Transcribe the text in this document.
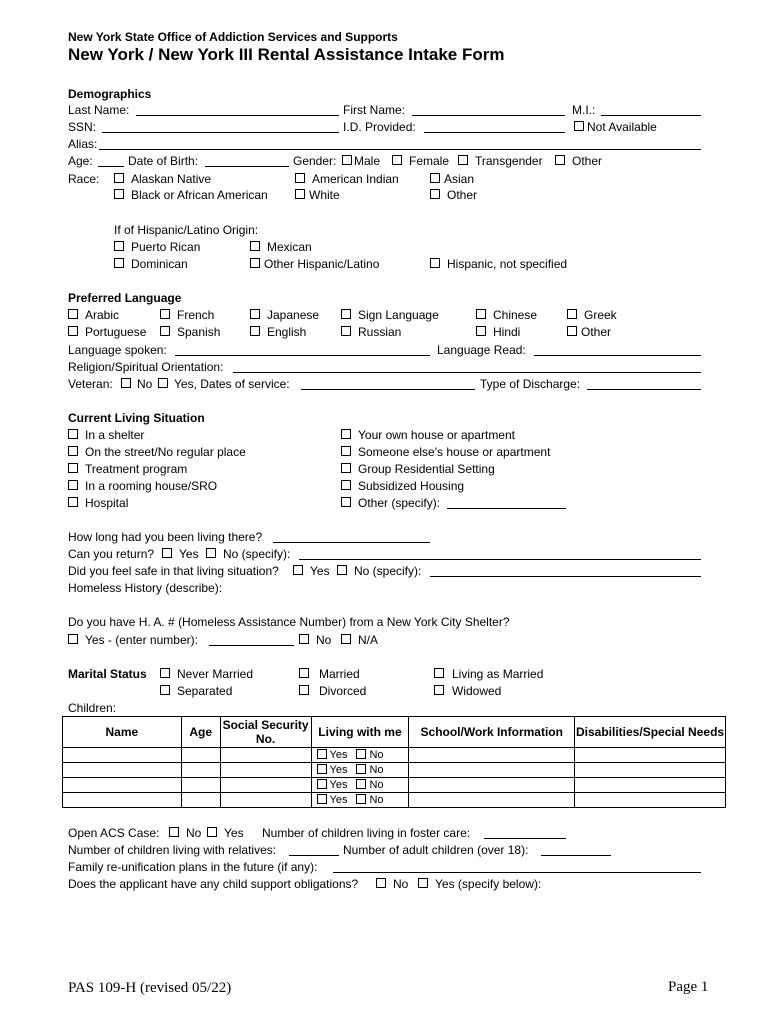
New York State Office of Addiction Services and Supports
New York / New York III Rental Assistance Intake Form
Demographics
Last Name:	First Name:	M.I.:
SSN:	I.D. Provided:	Not Available
Alias:
Age:	Date of Birth:	Gender: Male Female Transgender Other
Race:	Alaskan Native	American Indian	Asian
Black or African American	White	Other
If of Hispanic/Latino Origin:
Puerto Rican	Mexican
Dominican	Other Hispanic/Latino	Hispanic, not specified
Preferred Language
Arabic	French	Japanese	Sign Language	Chinese	Greek
Portuguese	Spanish	English	Russian	Hindi	Other
Language spoken:	Language Read:
Religion/Spiritual Orientation:
Veteran: No Yes, Dates of service:	Type of Discharge:
Current Living Situation
In a shelter
On the street/No regular place
Treatment program
In a rooming house/SRO
Hospital
Your own house or apartment
Someone else's house or apartment
Group Residential Setting
Subsidized Housing
Other (specify):
How long had you been living there?
Can you return? Yes No (specify):
Did you feel safe in that living situation?	Yes No (specify):
Homeless History (describe):
Do you have H. A. # (Homeless Assistance Number) from a New York City Shelter?
Yes - (enter number):	No N/A
Marital Status	Never Married	Married	Living as Married
Separated	Divorced	Widowed
Children:
Name	Age	Social Security No.	Living with me	School/Work Information	Disabilities/Special Needs

			Yes No		

			Yes No		

			Yes No		

			Yes No		

Open ACS Case: No Yes Number of children living in foster care:
Number of children living with relatives:	Number of adult children (over 18):
Family re-unification plans in the future (if any):
Does the applicant have any child support obligations?	No Yes (specify below):
PAS 109-H (revised 05/22)	Page 1
